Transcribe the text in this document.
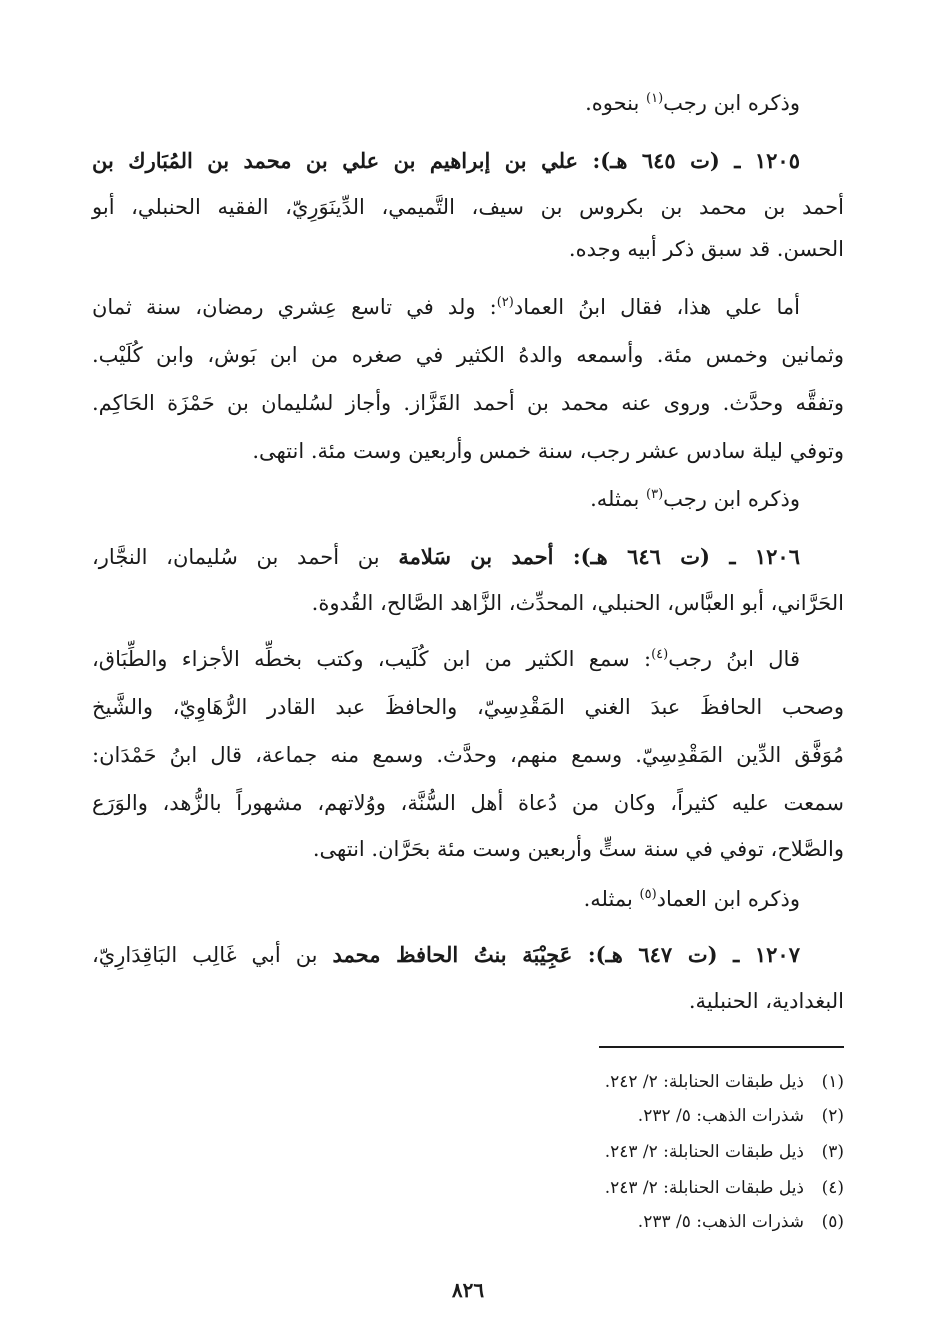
وذكره ابن رجب$^{(١)}$ بنحوه.
١٢٠٥ ـ (ت ٦٤٥ هـ): علي بن إبراهيم بن علي بن محمد بن المُبَارك بن
أحمد بن محمد بن بكروس بن سيف، التَّميمي، الدِّينَوَرِيّ، الفقيه الحنبلي، أبو
الحسن. قد سبق ذكر أبيه وجده.
أما علي هذا، فقال ابنُ العماد$^{(٢)}$: ولد في تاسع عِشري رمضان، سنة ثمان
وثمانين وخمس مئة. وأسمعه والدهُ الكثير في صغره من ابن بَوش، وابن كُلَيْب.
وتفقَّه وحدَّث. وروى عنه محمد بن أحمد القَزَّاز. وأجاز لسُليمان بن حَمْزَة الحَاكِم.
وتوفي ليلة سادس عشر رجب، سنة خمس وأربعين وست مئة. انتهى.
وذكره ابن رجب$^{(٣)}$ بمثله.
١٢٠٦ ـ (ت ٦٤٦ هـ): أحمد بن سَلامة بن أحمد بن سُليمان، النجَّار،
الحَرَّاني، أبو العبَّاس، الحنبلي، المحدِّث، الزَّاهد الصَّالح، القُدوة.
قال ابنُ رجب$^{(٤)}$: سمع الكثير من ابن كُلَيب، وكتب بخطِّه الأجزاء والطِّبَاق،
وصحب الحافظَ عبدَ الغني المَقْدِسِيّ، والحافظَ عبد القادر الرُّهَاوِيّ، والشَّيخ
مُوَفَّق الدِّين المَقْدِسِيّ. وسمع منهم، وحدَّث. وسمع منه جماعة، قال ابنُ حَمْدَان:
سمعت عليه كثيراً، وكان من دُعاة أهل السُّنَّة، ووُلاتهم، مشهوراً بالزُّهد، والوَرَع
والصَّلاح، توفي في سنة ستٍّ وأربعين وست مئة بحَرَّان. انتهى.
وذكره ابن العماد$^{(٥)}$ بمثله.
١٢٠٧ ـ (ت ٦٤٧ هـ): عَجِيْبَة بنتُ الحافظ محمد بن أبي غَالِب البَاقِدَارِيّ،
البغدادية، الحنبلية.
(١)
ذيل طبقات الحنابلة: ٢/ ٢٤٢.
(٢)
شذرات الذهب: ٥/ ٢٣٢.
(٣)
ذيل طبقات الحنابلة: ٢/ ٢٤٣.
(٤)
ذيل طبقات الحنابلة: ٢/ ٢٤٣.
(٥)
شذرات الذهب: ٥/ ٢٣٣.
٨٢٦
